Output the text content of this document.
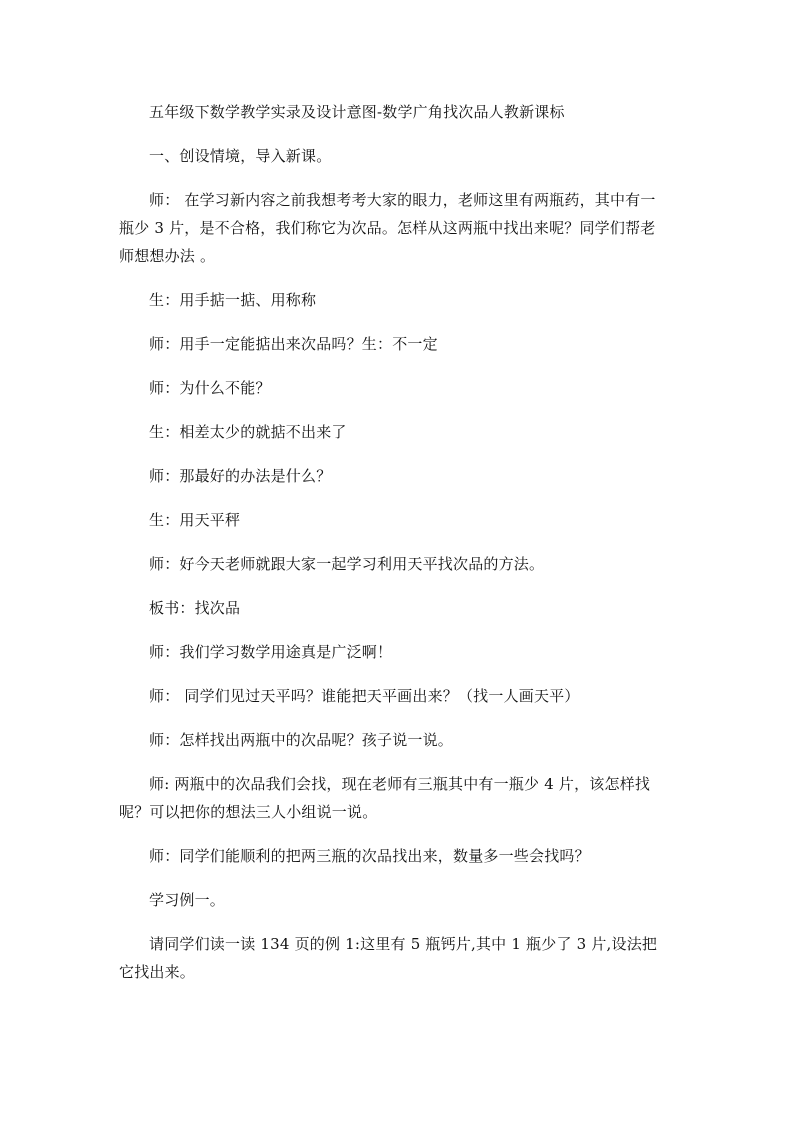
五年级下数学教学实录及设计意图-数学广角找次品人教新课标

一、创设情境，导入新课。

师： 在学习新内容之前我想考考大家的眼力，老师这里有两瓶药，其中有一瓶少 3 片，是不合格，我们称它为次品。怎样从这两瓶中找出来呢？同学们帮老师想想办法 。

生：用手掂一掂、用称称

师：用手一定能掂出来次品吗？生：不一定

师：为什么不能？

生：相差太少的就掂不出来了

师：那最好的办法是什么？

生：用天平秤

师：好今天老师就跟大家一起学习利用天平找次品的方法。

板书：找次品

师：我们学习数学用途真是广泛啊！

师： 同学们见过天平吗？谁能把天平画出来？（找一人画天平）

师：怎样找出两瓶中的次品呢？孩子说一说。

师: 两瓶中的次品我们会找，现在老师有三瓶其中有一瓶少 4 片，该怎样找呢？可以把你的想法三人小组说一说。

师：同学们能顺利的把两三瓶的次品找出来，数量多一些会找吗？

学习例一。

请同学们读一读 134 页的例 1:这里有 5 瓶钙片,其中 1 瓶少了 3 片,设法把它找出来。
